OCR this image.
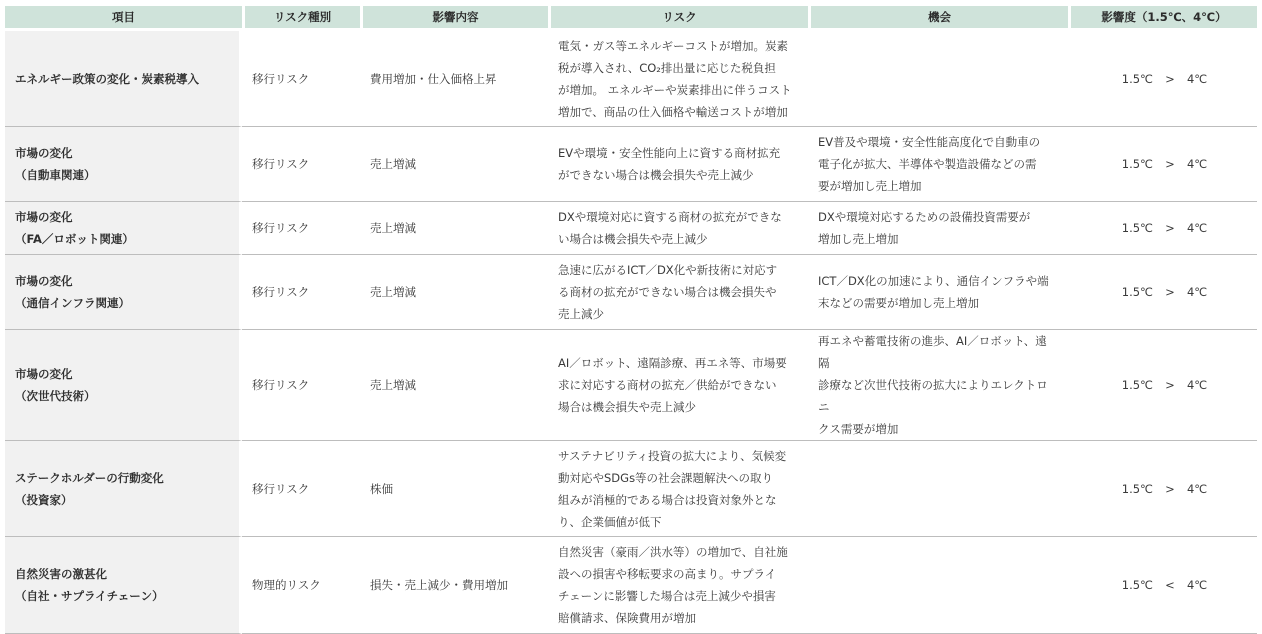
項目	リスク種別	影響内容	リスク	機会	影響度（1.5℃、4℃）

エネルギー政策の変化・炭素税導入	移行リスク	費用増加・仕入価格上昇	電気・ガス等エネルギーコストが増加。炭素
税が導入され、CO₂排出量に応じた税負担
が増加。 エネルギーや炭素排出に伴うコスト
増加で、商品の仕入価格や輸送コストが増加		1.5℃ > 4℃
市場の変化
（自動車関連）	移行リスク	売上増減	EVや環境・安全性能向上に資する商材拡充
ができない場合は機会損失や売上減少	EV普及や環境・安全性能高度化で自動車の
電子化が拡大、半導体や製造設備などの需
要が増加し売上増加	1.5℃ > 4℃
市場の変化
（FA／ロボット関連）	移行リスク	売上増減	DXや環境対応に資する商材の拡充ができな
い場合は機会損失や売上減少	DXや環境対応するための設備投資需要が
増加し売上増加	1.5℃ > 4℃
市場の変化
（通信インフラ関連）	移行リスク	売上増減	急速に広がるICT／DX化や新技術に対応す
る商材の拡充ができない場合は機会損失や
売上減少	ICT／DX化の加速により、通信インフラや端
末などの需要が増加し売上増加	1.5℃ > 4℃
市場の変化
（次世代技術）	移行リスク	売上増減	AI／ロボット、遠隔診療、再エネ等、市場要
求に対応する商材の拡充／供給ができない
場合は機会損失や売上減少	再エネや蓄電技術の進歩、AI／ロボット、遠隔
診療など次世代技術の拡大によりエレクトロニ
クス需要が増加	1.5℃ > 4℃
ステークホルダーの行動変化
（投資家）	移行リスク	株価	サステナビリティ投資の拡大により、気候変
動対応やSDGs等の社会課題解決への取り
組みが消極的である場合は投資対象外とな
り、企業価値が低下		1.5℃ > 4℃
自然災害の激甚化
（自社・サプライチェーン）	物理的リスク	損失・売上減少・費用増加	自然災害（豪雨／洪水等）の増加で、自社施
設への損害や移転要求の高まり。サプライ
チェーンに影響した場合は売上減少や損害
賠償請求、保険費用が増加		1.5℃ < 4℃
